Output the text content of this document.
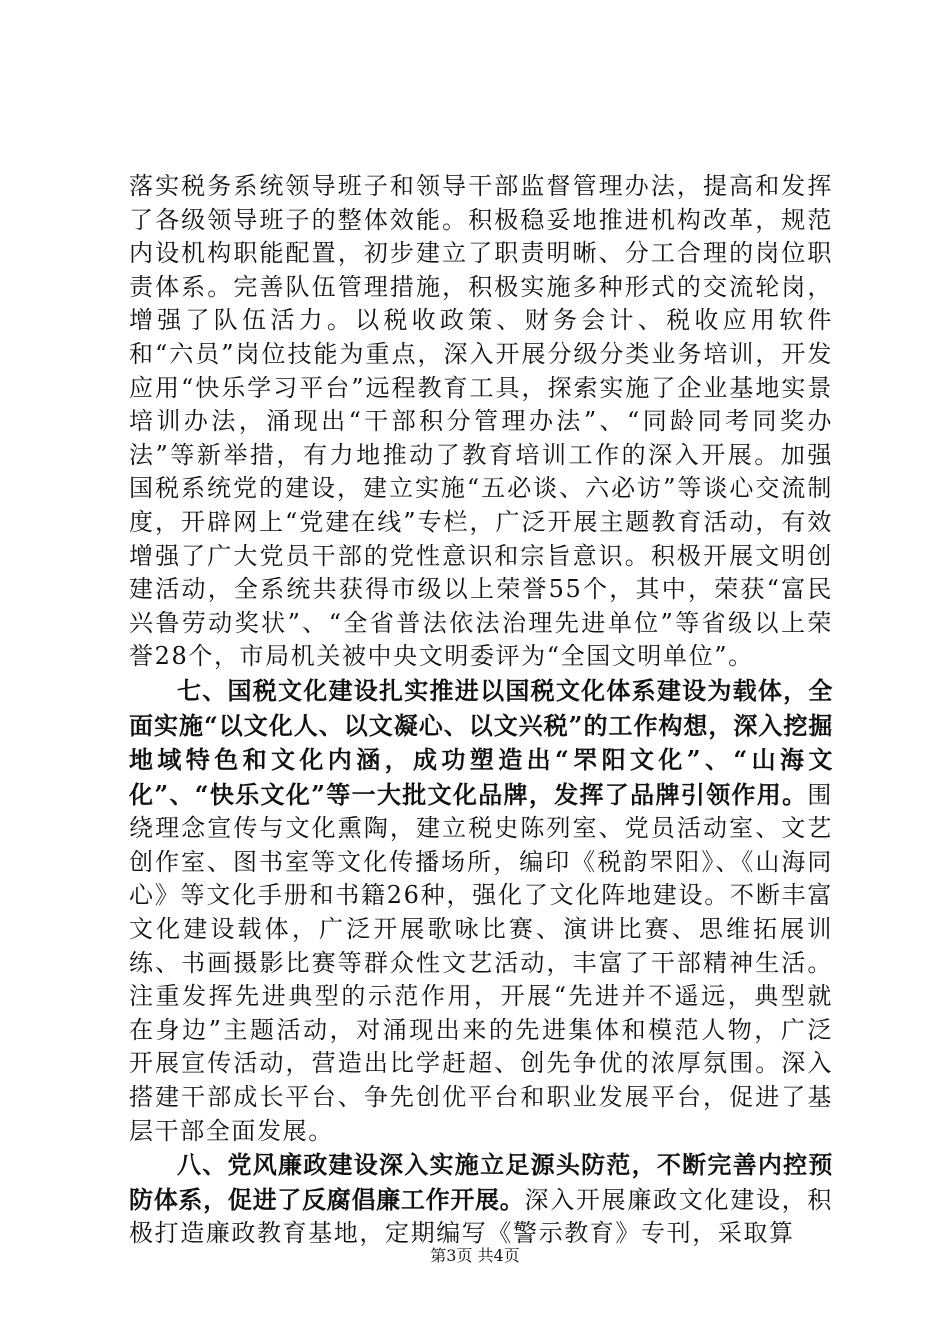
落实税务系统领导班子和领导干部监督管理办法，提高和发挥了各级领导班子的整体效能。积极稳妥地推进机构改革，规范内设机构职能配置，初步建立了职责明晰、分工合理的岗位职责体系。完善队伍管理措施，积极实施多种形式的交流轮岗，增强了队伍活力。以税收政策、财务会计、税收应用软件和“六员”岗位技能为重点，深入开展分级分类业务培训，开发应用“快乐学习平台”远程教育工具，探索实施了企业基地实景培训办法，涌现出“干部积分管理办法”、“同龄同考同奖办法”等新举措，有力地推动了教育培训工作的深入开展。加强国税系统党的建设，建立实施“五必谈、六必访”等谈心交流制度，开辟网上“党建在线”专栏，广泛开展主题教育活动，有效增强了广大党员干部的党性意识和宗旨意识。积极开展文明创建活动，全系统共获得市级以上荣誉55个，其中，荣获“富民兴鲁劳动奖状”、“全省普法依法治理先进单位”等省级以上荣誉28个，市局机关被中央文明委评为“全国文明单位”。

七、国税文化建设扎实推进以国税文化体系建设为载体，全面实施“以文化人、以文凝心、以文兴税”的工作构想，深入挖掘地域特色和文化内涵，成功塑造出“罘阳文化”、“山海文化”、“快乐文化”等一大批文化品牌，发挥了品牌引领作用。围绕理念宣传与文化熏陶，建立税史陈列室、党员活动室、文艺创作室、图书室等文化传播场所，编印《税韵罘阳》、《山海同心》等文化手册和书籍26种，强化了文化阵地建设。不断丰富文化建设载体，广泛开展歌咏比赛、演讲比赛、思维拓展训练、书画摄影比赛等群众性文艺活动，丰富了干部精神生活。注重发挥先进典型的示范作用，开展“先进并不遥远，典型就在身边”主题活动，对涌现出来的先进集体和模范人物，广泛开展宣传活动，营造出比学赶超、创先争优的浓厚氛围。深入搭建干部成长平台、争先创优平台和职业发展平台，促进了基层干部全面发展。

八、党风廉政建设深入实施立足源头防范，不断完善内控预防体系，促进了反腐倡廉工作开展。深入开展廉政文化建设，积极打造廉政教育基地，定期编写《警示教育》专刊，采取算

第3页 共4页
